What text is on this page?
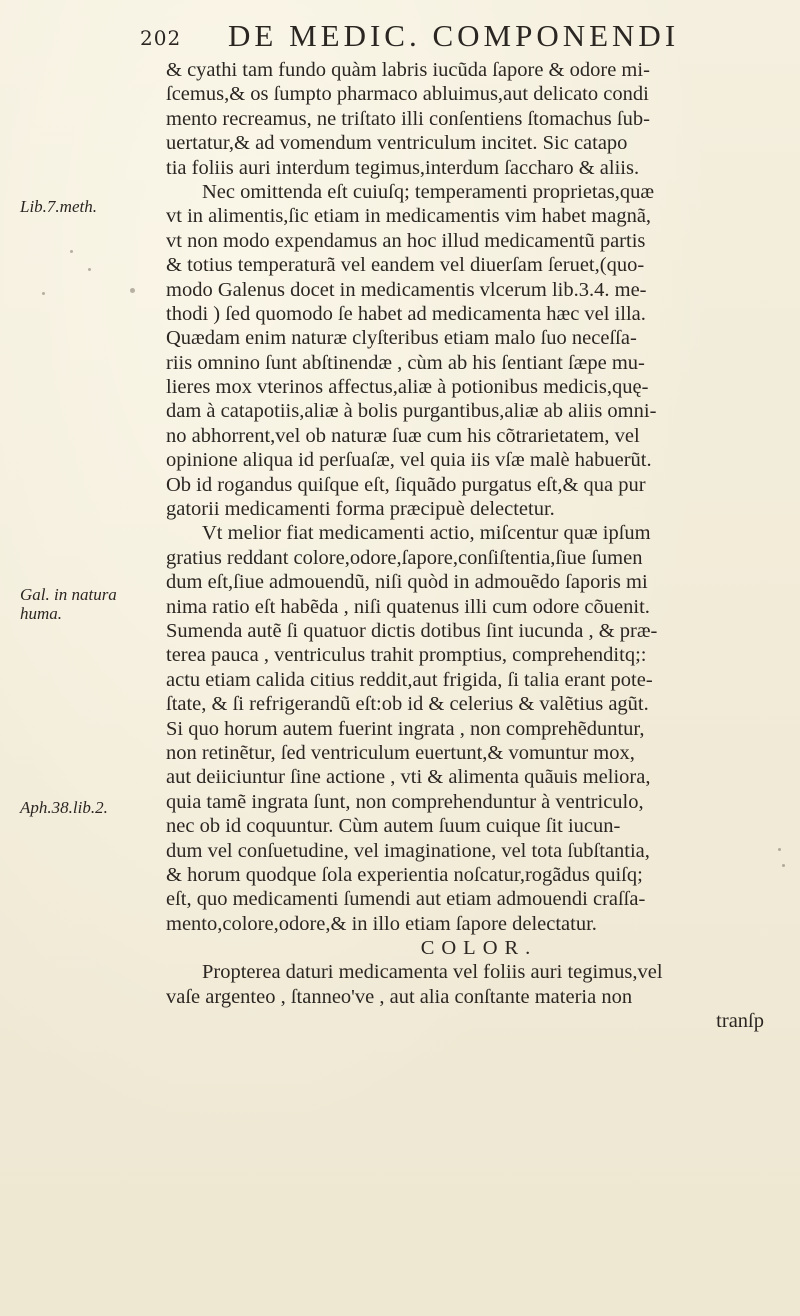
202 DE MEDIC. COMPONENDI
Lib.7.meth.
Gal. in natura
huma.
Aph.38.lib.2.
& cyathi tam fundo quàm labris iucũda ſapore & odore mi-
ſcemus,& os ſumpto pharmaco abluimus,aut delicato condi
mento recreamus, ne triſtato illi conſentiens ſtomachus ſub-
uertatur,& ad vomendum ventriculum incitet. Sic catapo
tia foliis auri interdum tegimus,interdum ſaccharo & aliis.
Nec omittenda eſt cuiuſq; temperamenti proprietas,quæ
vt in alimentis,ſic etiam in medicamentis vim habet magnã,
vt non modo expendamus an hoc illud medicamentũ partis
& totius temperaturã vel eandem vel diuerſam ſeruet,(quo-
modo Galenus docet in medicamentis vlcerum lib.3.4. me-
thodi ) ſed quomodo ſe habet ad medicamenta hæc vel illa.
Quædam enim naturæ clyſteribus etiam malo ſuo neceſſa-
riis omnino ſunt abſtinendæ , cùm ab his ſentiant ſæpe mu-
lieres mox vterinos affectus,aliæ à potionibus medicis,quę-
dam à catapotiis,aliæ à bolis purgantibus,aliæ ab aliis omni-
no abhorrent,vel ob naturæ ſuæ cum his cõtrarietatem, vel
opinione aliqua id perſuaſæ, vel quia iis vſæ malè habuerũt.
Ob id rogandus quiſque eſt, ſiquãdo purgatus eſt,& qua pur
gatorii medicamenti forma præcipuè delectetur.
Vt melior fiat medicamenti actio, miſcentur quæ ipſum
gratius reddant colore,odore,ſapore,conſiſtentia,ſiue ſumen
dum eſt,ſiue admouendũ, niſi quòd in admouẽdo ſaporis mi
nima ratio eſt habẽda , niſi quatenus illi cum odore cõuenit.
Sumenda autẽ ſi quatuor dictis dotibus ſint iucunda , & præ-
terea pauca , ventriculus trahit promptius, comprehenditq;:
actu etiam calida citius reddit,aut frigida, ſi talia erant pote-
ſtate, & ſi refrigerandũ eſt:ob id & celerius & valẽtius agũt.
Si quo horum autem fuerint ingrata , non comprehẽduntur,
non retinẽtur, ſed ventriculum euertunt,& vomuntur mox,
aut deiiciuntur ſine actione , vti & alimenta quãuis meliora,
quia tamẽ ingrata ſunt, non comprehenduntur à ventriculo,
nec ob id coquuntur. Cùm autem ſuum cuique ſit iucun-
dum vel conſuetudine, vel imaginatione, vel tota ſubſtantia,
& horum quodque ſola experientia noſcatur,rogãdus quiſq;
eſt, quo medicamenti ſumendi aut etiam admouendi craſſa-
mento,colore,odore,& in illo etiam ſapore delectatur.
COLOR.
Propterea daturi medicamenta vel foliis auri tegimus,vel
vaſe argenteo , ſtanneo've , aut alia conſtante materia non
tranſp
